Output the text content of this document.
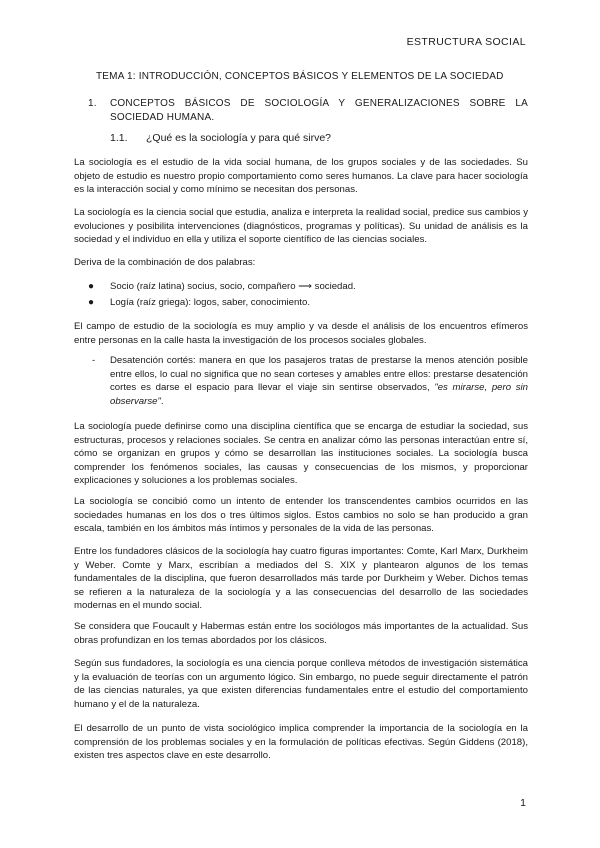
ESTRUCTURA SOCIAL
TEMA 1: INTRODUCCIÓN, CONCEPTOS BÁSICOS Y ELEMENTOS DE LA SOCIEDAD
1. CONCEPTOS BÁSICOS DE SOCIOLOGÍA Y GENERALIZACIONES SOBRE LA SOCIEDAD HUMANA.
1.1. ¿Qué es la sociología y para qué sirve?

La sociología es el estudio de la vida social humana, de los grupos sociales y de las sociedades. Su objeto de estudio es nuestro propio comportamiento como seres humanos. La clave para hacer sociología es la interacción social y como mínimo se necesitan dos personas.

La sociología es la ciencia social que estudia, analiza e interpreta la realidad social, predice sus cambios y evoluciones y posibilita intervenciones (diagnósticos, programas y políticas). Su unidad de análisis es la sociedad y el individuo en ella y utiliza el soporte científico de las ciencias sociales.

Deriva de la combinación de dos palabras:

● Socio (raíz latina) socius, socio, compañero ⟶ sociedad.
● Logía (raíz griega): logos, saber, conocimiento.

El campo de estudio de la sociología es muy amplio y va desde el análisis de los encuentros efímeros entre personas en la calle hasta la investigación de los procesos sociales globales.

- Desatención cortés: manera en que los pasajeros tratas de prestarse la menos atención posible entre ellos, lo cual no significa que no sean corteses y amables entre ellos: prestarse desatención cortes es darse el espacio para llevar el viaje sin sentirse observados, "es mirarse, pero sin observarse".

La sociología puede definirse como una disciplina científica que se encarga de estudiar la sociedad, sus estructuras, procesos y relaciones sociales. Se centra en analizar cómo las personas interactúan entre sí, cómo se organizan en grupos y cómo se desarrollan las instituciones sociales. La sociología busca comprender los fenómenos sociales, las causas y consecuencias de los mismos, y proporcionar explicaciones y soluciones a los problemas sociales.

La sociología se concibió como un intento de entender los transcendentes cambios ocurridos en las sociedades humanas en los dos o tres últimos siglos. Estos cambios no solo se han producido a gran escala, también en los ámbitos más íntimos y personales de la vida de las personas.

Entre los fundadores clásicos de la sociología hay cuatro figuras importantes: Comte, Karl Marx, Durkheim y Weber. Comte y Marx, escribían a mediados del S. XIX y plantearon algunos de los temas fundamentales de la disciplina, que fueron desarrollados más tarde por Durkheim y Weber. Dichos temas se refieren a la naturaleza de la sociología y a las consecuencias del desarrollo de las sociedades modernas en el mundo social.

Se considera que Foucault y Habermas están entre los sociólogos más importantes de la actualidad. Sus obras profundizan en los temas abordados por los clásicos.

Según sus fundadores, la sociología es una ciencia porque conlleva métodos de investigación sistemática y la evaluación de teorías con un argumento lógico. Sin embargo, no puede seguir directamente el patrón de las ciencias naturales, ya que existen diferencias fundamentales entre el estudio del comportamiento humano y el de la naturaleza.

El desarrollo de un punto de vista sociológico implica comprender la importancia de la sociología en la comprensión de los problemas sociales y en la formulación de políticas efectivas. Según Giddens (2018), existen tres aspectos clave en este desarrollo.

1
